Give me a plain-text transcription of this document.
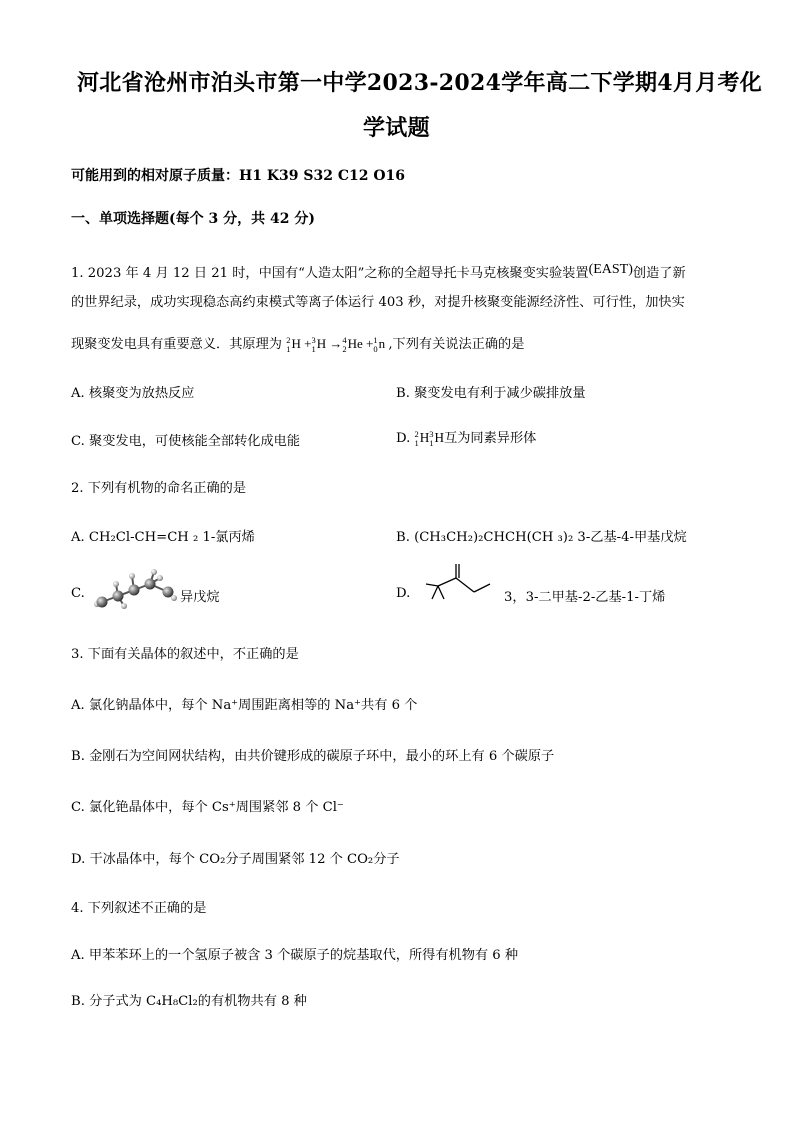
河北省沧州市泊头市第一中学2023-2024学年高二下学期4月月考化
学试题
可能用到的相对原子质量：H1 K39 S32 C12 O16
一、单项选择题(每个 3 分，共 42 分)
1. 2023 年 4 月 12 日 21 时，中国有“人造太阳”之称的全超导托卡马克核聚变实验装置(EAST)创造了新
的世界纪录，成功实现稳态高约束模式等离子体运行 403 秒，对提升核聚变能源经济性、可行性，加快实
现聚变发电具有重要意义．其原理为 2
1 H + 3
1 H → 4
2 He + 1
0 n ,下列有关说法正确的是
A. 核聚变为放热反应	B. 聚变发电有利于减少碳排放量
C. 聚变发电，可使核能全部转化成电能	D. 2
1 H 3
1 H互为同素异形体
2. 下列有机物的命名正确的是
A. CH₂Cl-CH=CH ₂ 1-氯丙烯	B. (CH₃CH₂)₂CHCH(CH ₃)₂ 3-乙基-4-甲基戊烷
C.	异戊烷	D.	3，3-二甲基-2-乙基-1-丁烯
3. 下面有关晶体的叙述中，不正确的是
A. 氯化钠晶体中，每个 Na⁺周围距离相等的 Na⁺共有 6 个
B. 金刚石为空间网状结构，由共价键形成的碳原子环中，最小的环上有 6 个碳原子
C. 氯化铯晶体中，每个 Cs⁺周围紧邻 8 个 Cl⁻
D. 干冰晶体中，每个 CO₂分子周围紧邻 12 个 CO₂分子
4. 下列叙述不正确的是
A. 甲苯苯环上的一个氢原子被含 3 个碳原子的烷基取代，所得有机物有 6 种
B. 分子式为 C₄H₈Cl₂的有机物共有 8 种
